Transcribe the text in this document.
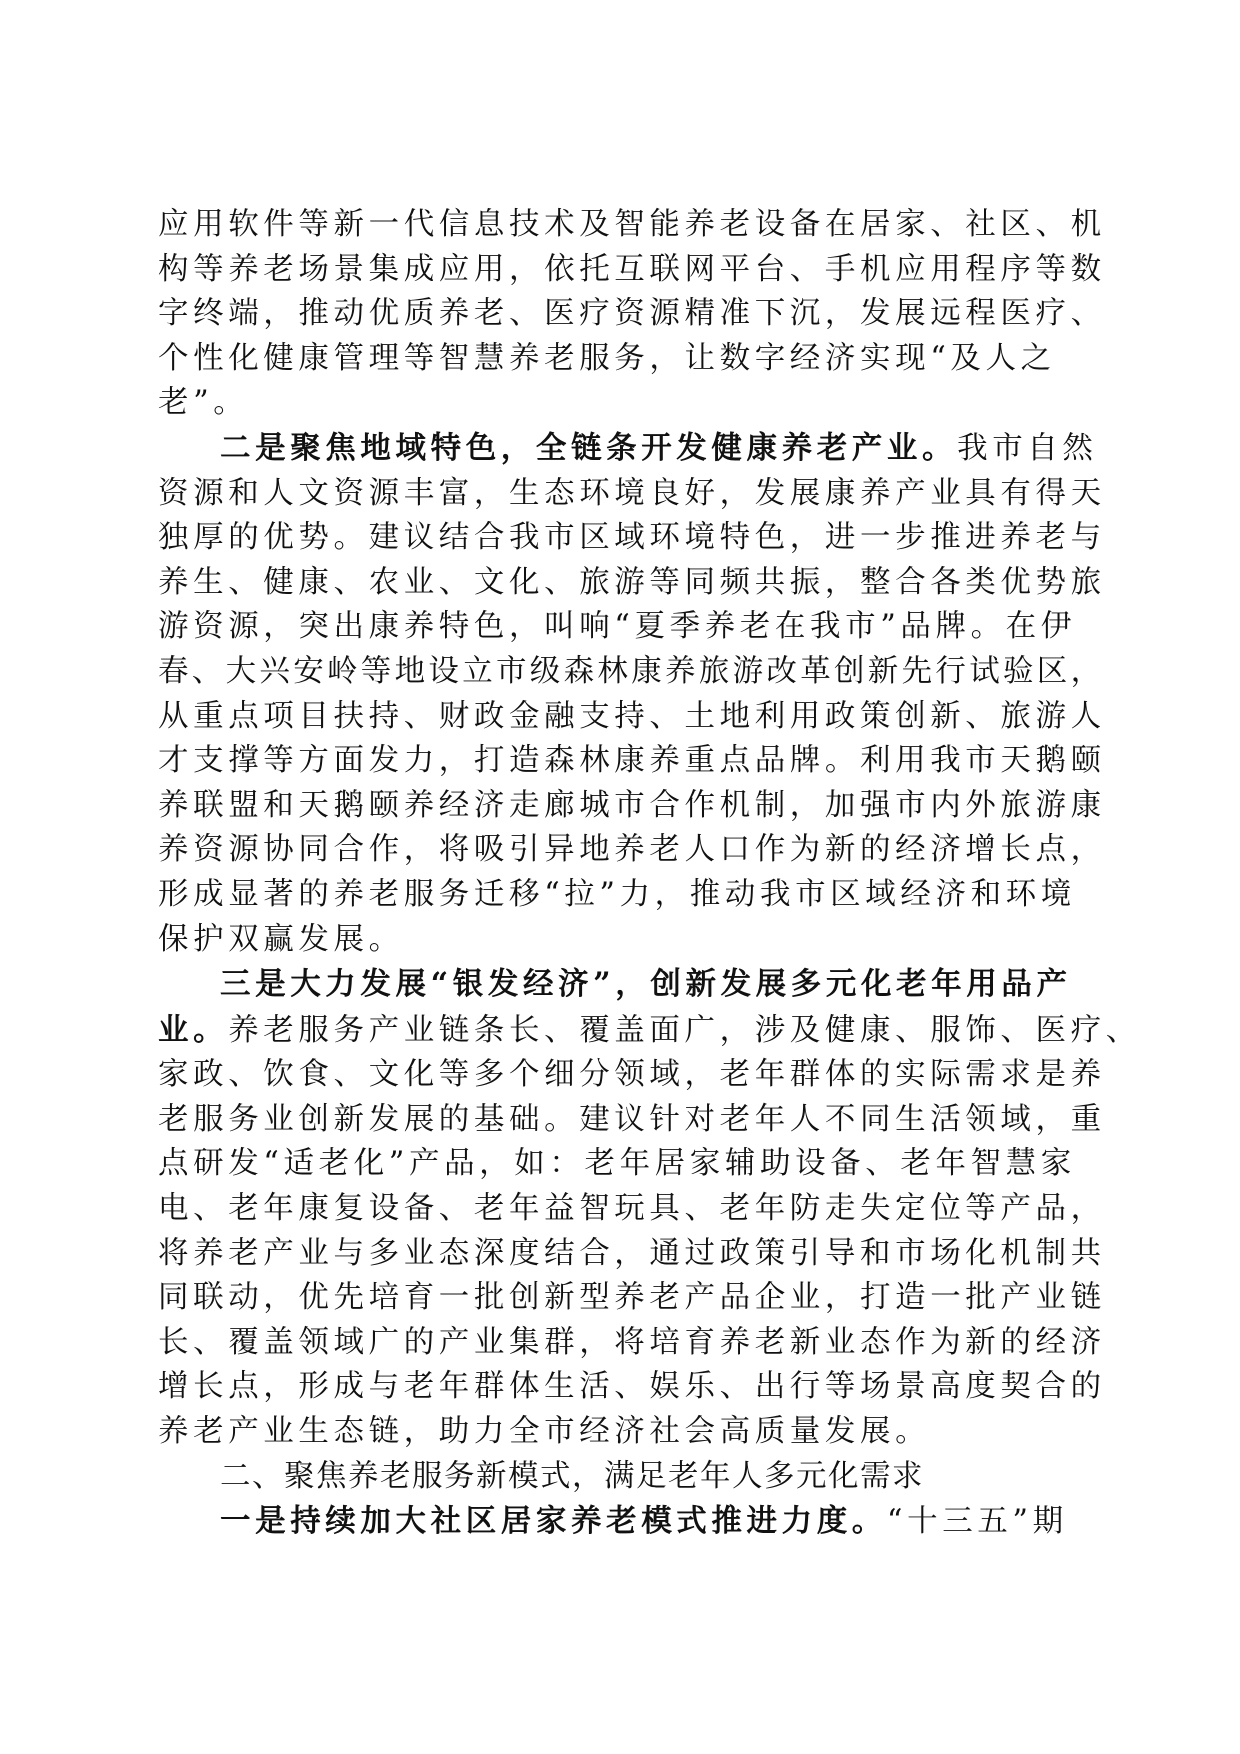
应用软件等新一代信息技术及智能养老设备在居家、社区、机
构等养老场景集成应用，依托互联网平台、手机应用程序等数
字终端，推动优质养老、医疗资源精准下沉，发展远程医疗、
个性化健康管理等智慧养老服务，让数字经济实现“及人之
老”。
二是聚焦地域特色，全链条开发健康养老产业。我市自然
资源和人文资源丰富，生态环境良好，发展康养产业具有得天
独厚的优势。建议结合我市区域环境特色，进一步推进养老与
养生、健康、农业、文化、旅游等同频共振，整合各类优势旅
游资源，突出康养特色，叫响“夏季养老在我市”品牌。在伊
春、大兴安岭等地设立市级森林康养旅游改革创新先行试验区，
从重点项目扶持、财政金融支持、土地利用政策创新、旅游人
才支撑等方面发力，打造森林康养重点品牌。利用我市天鹅颐
养联盟和天鹅颐养经济走廊城市合作机制，加强市内外旅游康
养资源协同合作，将吸引异地养老人口作为新的经济增长点，
形成显著的养老服务迁移“拉”力，推动我市区域经济和环境
保护双赢发展。
三是大力发展“银发经济”，创新发展多元化老年用品产
业。养老服务产业链条长、覆盖面广，涉及健康、服饰、医疗、
家政、饮食、文化等多个细分领域，老年群体的实际需求是养
老服务业创新发展的基础。建议针对老年人不同生活领域，重
点研发“适老化”产品，如：老年居家辅助设备、老年智慧家
电、老年康复设备、老年益智玩具、老年防走失定位等产品，
将养老产业与多业态深度结合，通过政策引导和市场化机制共
同联动，优先培育一批创新型养老产品企业，打造一批产业链
长、覆盖领域广的产业集群，将培育养老新业态作为新的经济
增长点，形成与老年群体生活、娱乐、出行等场景高度契合的
养老产业生态链，助力全市经济社会高质量发展。
二、聚焦养老服务新模式，满足老年人多元化需求
一是持续加大社区居家养老模式推进力度。“十三五”期
